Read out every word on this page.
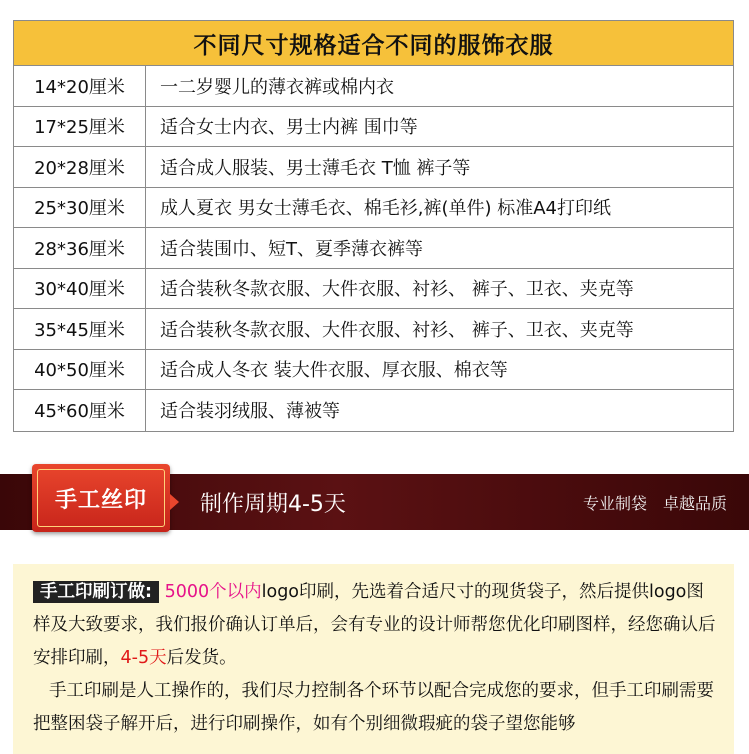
不同尺寸规格适合不同的服饰衣服
14*20厘米	一二岁婴儿的薄衣裤或棉内衣
17*25厘米	适合女士内衣、男士内裤 围巾等
20*28厘米	适合成人服装、男士薄毛衣 T恤 裤子等
25*30厘米	成人夏衣 男女士薄毛衣、棉毛衫,裤(单件) 标准A4打印纸
28*36厘米	适合装围巾、短T、夏季薄衣裤等
30*40厘米	适合装秋冬款衣服、大件衣服、衬衫、 裤子、卫衣、夹克等
35*45厘米	适合装秋冬款衣服、大件衣服、衬衫、 裤子、卫衣、夹克等
40*50厘米	适合成人冬衣 装大件衣服、厚衣服、棉衣等
45*60厘米	适合装羽绒服、薄被等
手工丝印	制作周期4-5天	专业制袋 卓越品质

手工印刷订做: 5000个以内logo印刷，先选着合适尺寸的现货袋子，然后提供logo图样及大致要求，我们报价确认订单后，会有专业的设计师帮您优化印刷图样，经您确认后安排印刷，4-5天后发货。

手工印刷是人工操作的，我们尽力控制各个环节以配合完成您的要求，但手工印刷需要把整困袋子解开后，进行印刷操作，如有个别细微瑕疵的袋子望您能够
